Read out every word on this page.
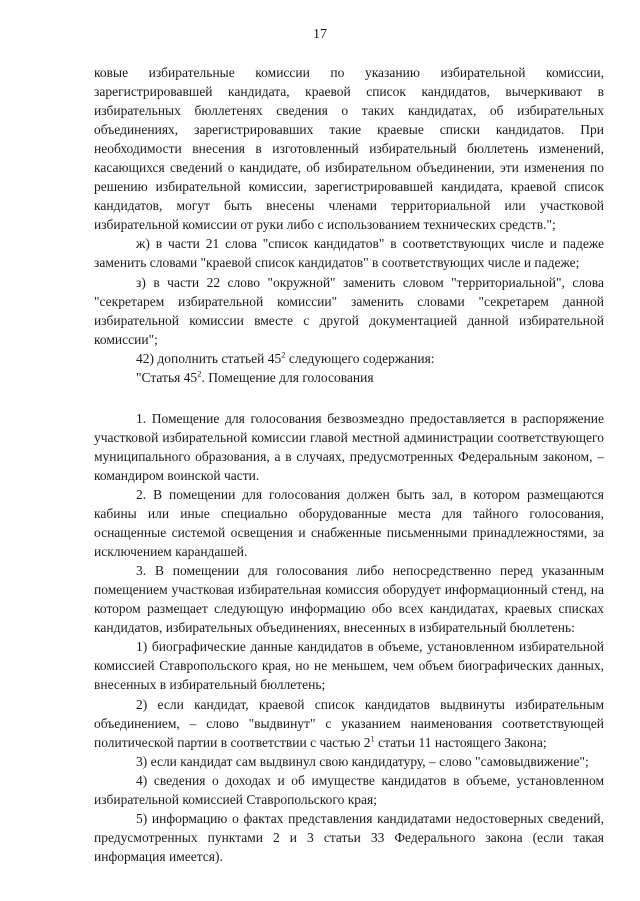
17

ковые избирательные комиссии по указанию избирательной комиссии, зарегистрировавшей кандидата, краевой список кандидатов, вычеркивают в избирательных бюллетенях сведения о таких кандидатах, об избирательных объединениях, зарегистрировавших такие краевые списки кандидатов. При необходимости внесения в изготовленный избирательный бюллетень изменений, касающихся сведений о кандидате, об избирательном объединении, эти изменения по решению избирательной комиссии, зарегистрировавшей кандидата, краевой список кандидатов, могут быть внесены членами территориальной или участковой избирательной комиссии от руки либо с использованием технических средств.";

ж) в части 21 слова "список кандидатов" в соответствующих числе и падеже заменить словами "краевой список кандидатов" в соответствующих числе и падеже;

з) в части 22 слово "окружной" заменить словом "территориальной", слова "секретарем избирательной комиссии" заменить словами "секретарем данной избирательной комиссии вместе с другой документацией данной избирательной комиссии";

42) дополнить статьей $45^2$ следующего содержания:

"Статья $45^2$. Помещение для голосования

1. Помещение для голосования безвозмездно предоставляется в распоряжение участковой избирательной комиссии главой местной администрации соответствующего муниципального образования, а в случаях, предусмотренных Федеральным законом, – командиром воинской части.

2. В помещении для голосования должен быть зал, в котором размещаются кабины или иные специально оборудованные места для тайного голосования, оснащенные системой освещения и снабженные письменными принадлежностями, за исключением карандашей.

3. В помещении для голосования либо непосредственно перед указанным помещением участковая избирательная комиссия оборудует информационный стенд, на котором размещает следующую информацию обо всех кандидатах, краевых списках кандидатов, избирательных объединениях, внесенных в избирательный бюллетень:

1) биографические данные кандидатов в объеме, установленном избирательной комиссией Ставропольского края, но не меньшем, чем объем биографических данных, внесенных в избирательный бюллетень;

2) если кандидат, краевой список кандидатов выдвинуты избирательным объединением, – слово "выдвинут" с указанием наименования соответствующей политической партии в соответствии с частью $2^1$ статьи 11 настоящего Закона;

3) если кандидат сам выдвинул свою кандидатуру, – слово "самовыдвижение";

4) сведения о доходах и об имуществе кандидатов в объеме, установленном избирательной комиссией Ставропольского края;

5) информацию о фактах представления кандидатами недостоверных сведений, предусмотренных пунктами 2 и 3 статьи 33 Федерального закона (если такая информация имеется).
